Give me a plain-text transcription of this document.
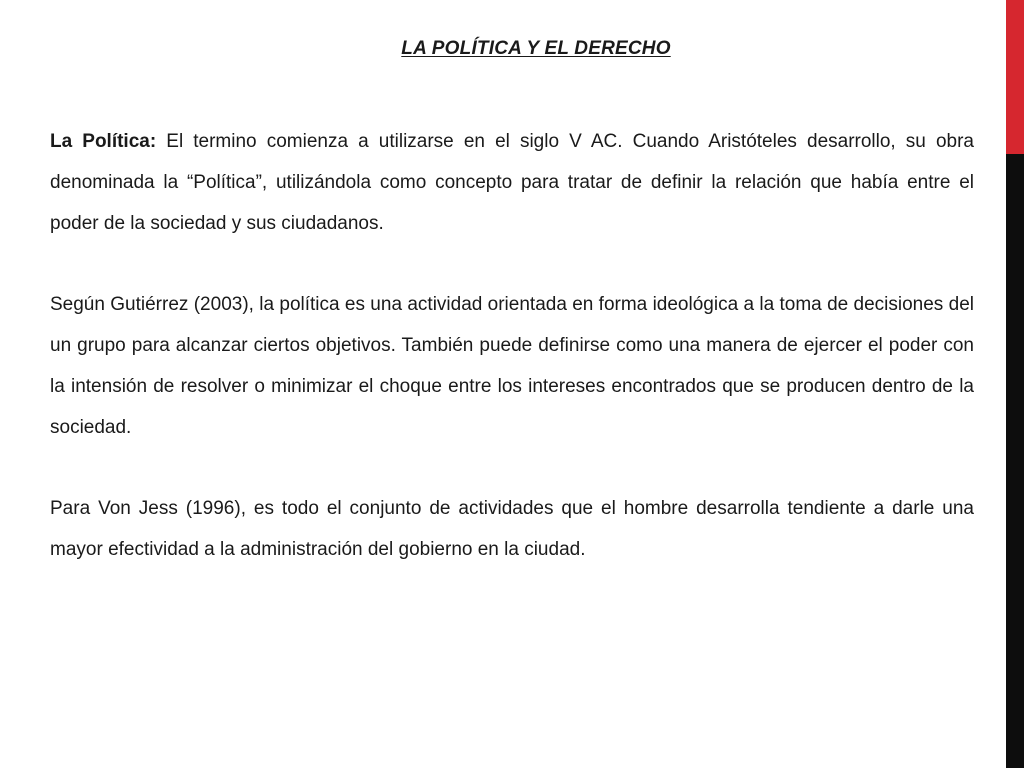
LA POLÍTICA Y EL DERECHO

La Política: El termino comienza a utilizarse en el siglo V AC. Cuando Aristóteles desarrollo, su obra denominada la “Política”, utilizándola como concepto para tratar de definir la relación que había entre el poder de la sociedad y sus ciudadanos.

Según Gutiérrez (2003), la política es una actividad orientada en forma ideológica a la toma de decisiones del un grupo para alcanzar ciertos objetivos. También puede definirse como una manera de ejercer el poder con la intensión de resolver o minimizar el choque entre los intereses encontrados que se producen dentro de la sociedad.

Para Von Jess (1996), es todo el conjunto de actividades que el hombre desarrolla tendiente a darle una mayor efectividad a la administración del gobierno en la ciudad.
